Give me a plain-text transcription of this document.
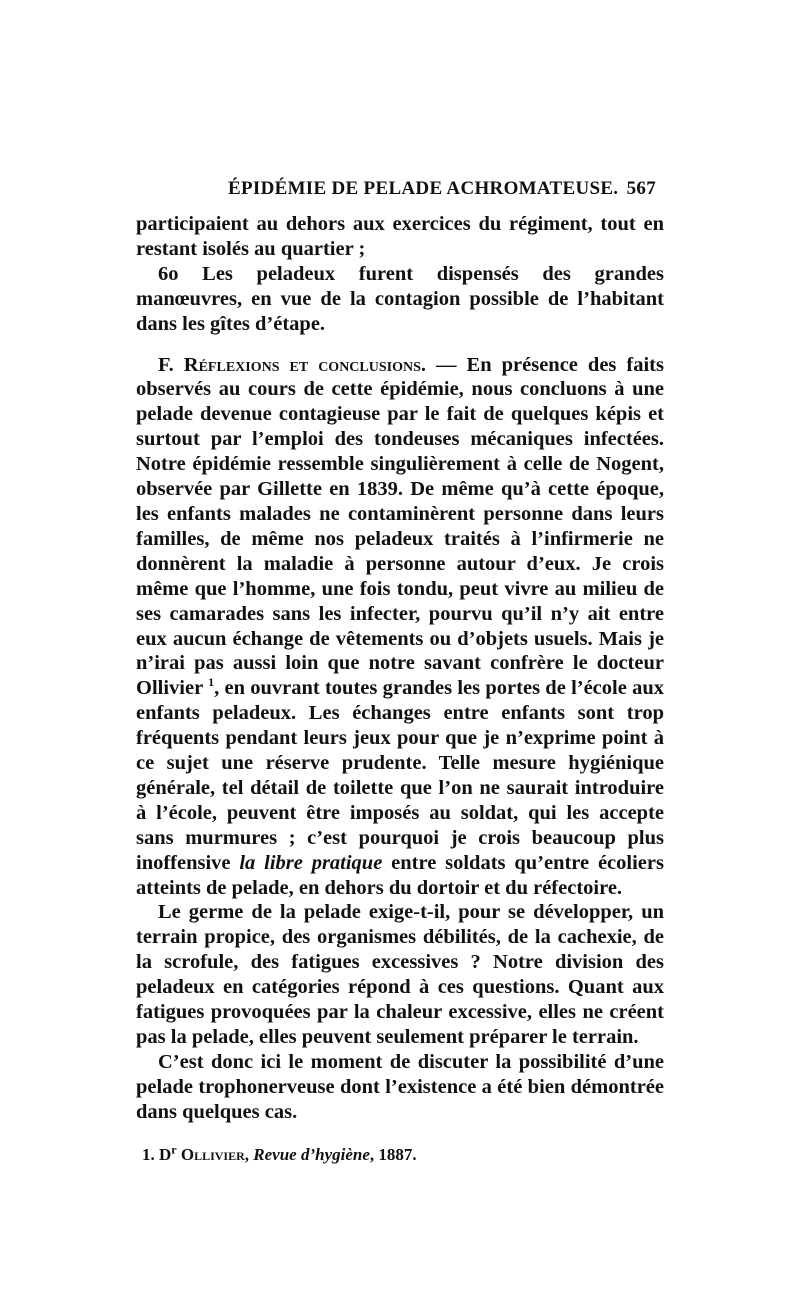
ÉPIDÉMIE DE PELADE ACHROMATEUSE. 567

participaient au dehors aux exercices du régiment, tout en restant isolés au quartier ;

6o Les peladeux furent dispensés des grandes manœuvres, en vue de la contagion possible de l’habitant dans les gîtes d’étape.

F. Réflexions et conclusions. — En présence des faits observés au cours de cette épidémie, nous concluons à une pelade devenue contagieuse par le fait de quelques képis et surtout par l’emploi des tondeuses mécaniques infectées. Notre épidémie ressemble singulièrement à celle de Nogent, observée par Gillette en 1839. De même qu’à cette époque, les enfants malades ne contaminèrent personne dans leurs familles, de même nos peladeux traités à l’infirmerie ne donnèrent la maladie à personne autour d’eux. Je crois même que l’homme, une fois tondu, peut vivre au milieu de ses camarades sans les infecter, pourvu qu’il n’y ait entre eux aucun échange de vêtements ou d’objets usuels. Mais je n’irai pas aussi loin que notre savant confrère le docteur Ollivier $^1$, en ouvrant toutes grandes les portes de l’école aux enfants peladeux. Les échanges entre enfants sont trop fréquents pendant leurs jeux pour que je n’exprime point à ce sujet une réserve prudente. Telle mesure hygiénique générale, tel détail de toilette que l’on ne saurait introduire à l’école, peuvent être imposés au soldat, qui les accepte sans murmures ; c’est pourquoi je crois beaucoup plus inoffensive la libre pratique entre soldats qu’entre écoliers atteints de pelade, en dehors du dortoir et du réfectoire.

Le germe de la pelade exige-t-il, pour se développer, un terrain propice, des organismes débilités, de la cachexie, de la scrofule, des fatigues excessives ? Notre division des peladeux en catégories répond à ces questions. Quant aux fatigues provoquées par la chaleur excessive, elles ne créent pas la pelade, elles peuvent seulement préparer le terrain.

C’est donc ici le moment de discuter la possibilité d’une pelade trophonerveuse dont l’existence a été bien démontrée dans quelques cas.

1. $D^r$ Ollivier, Revue d’hygiène, 1887.
